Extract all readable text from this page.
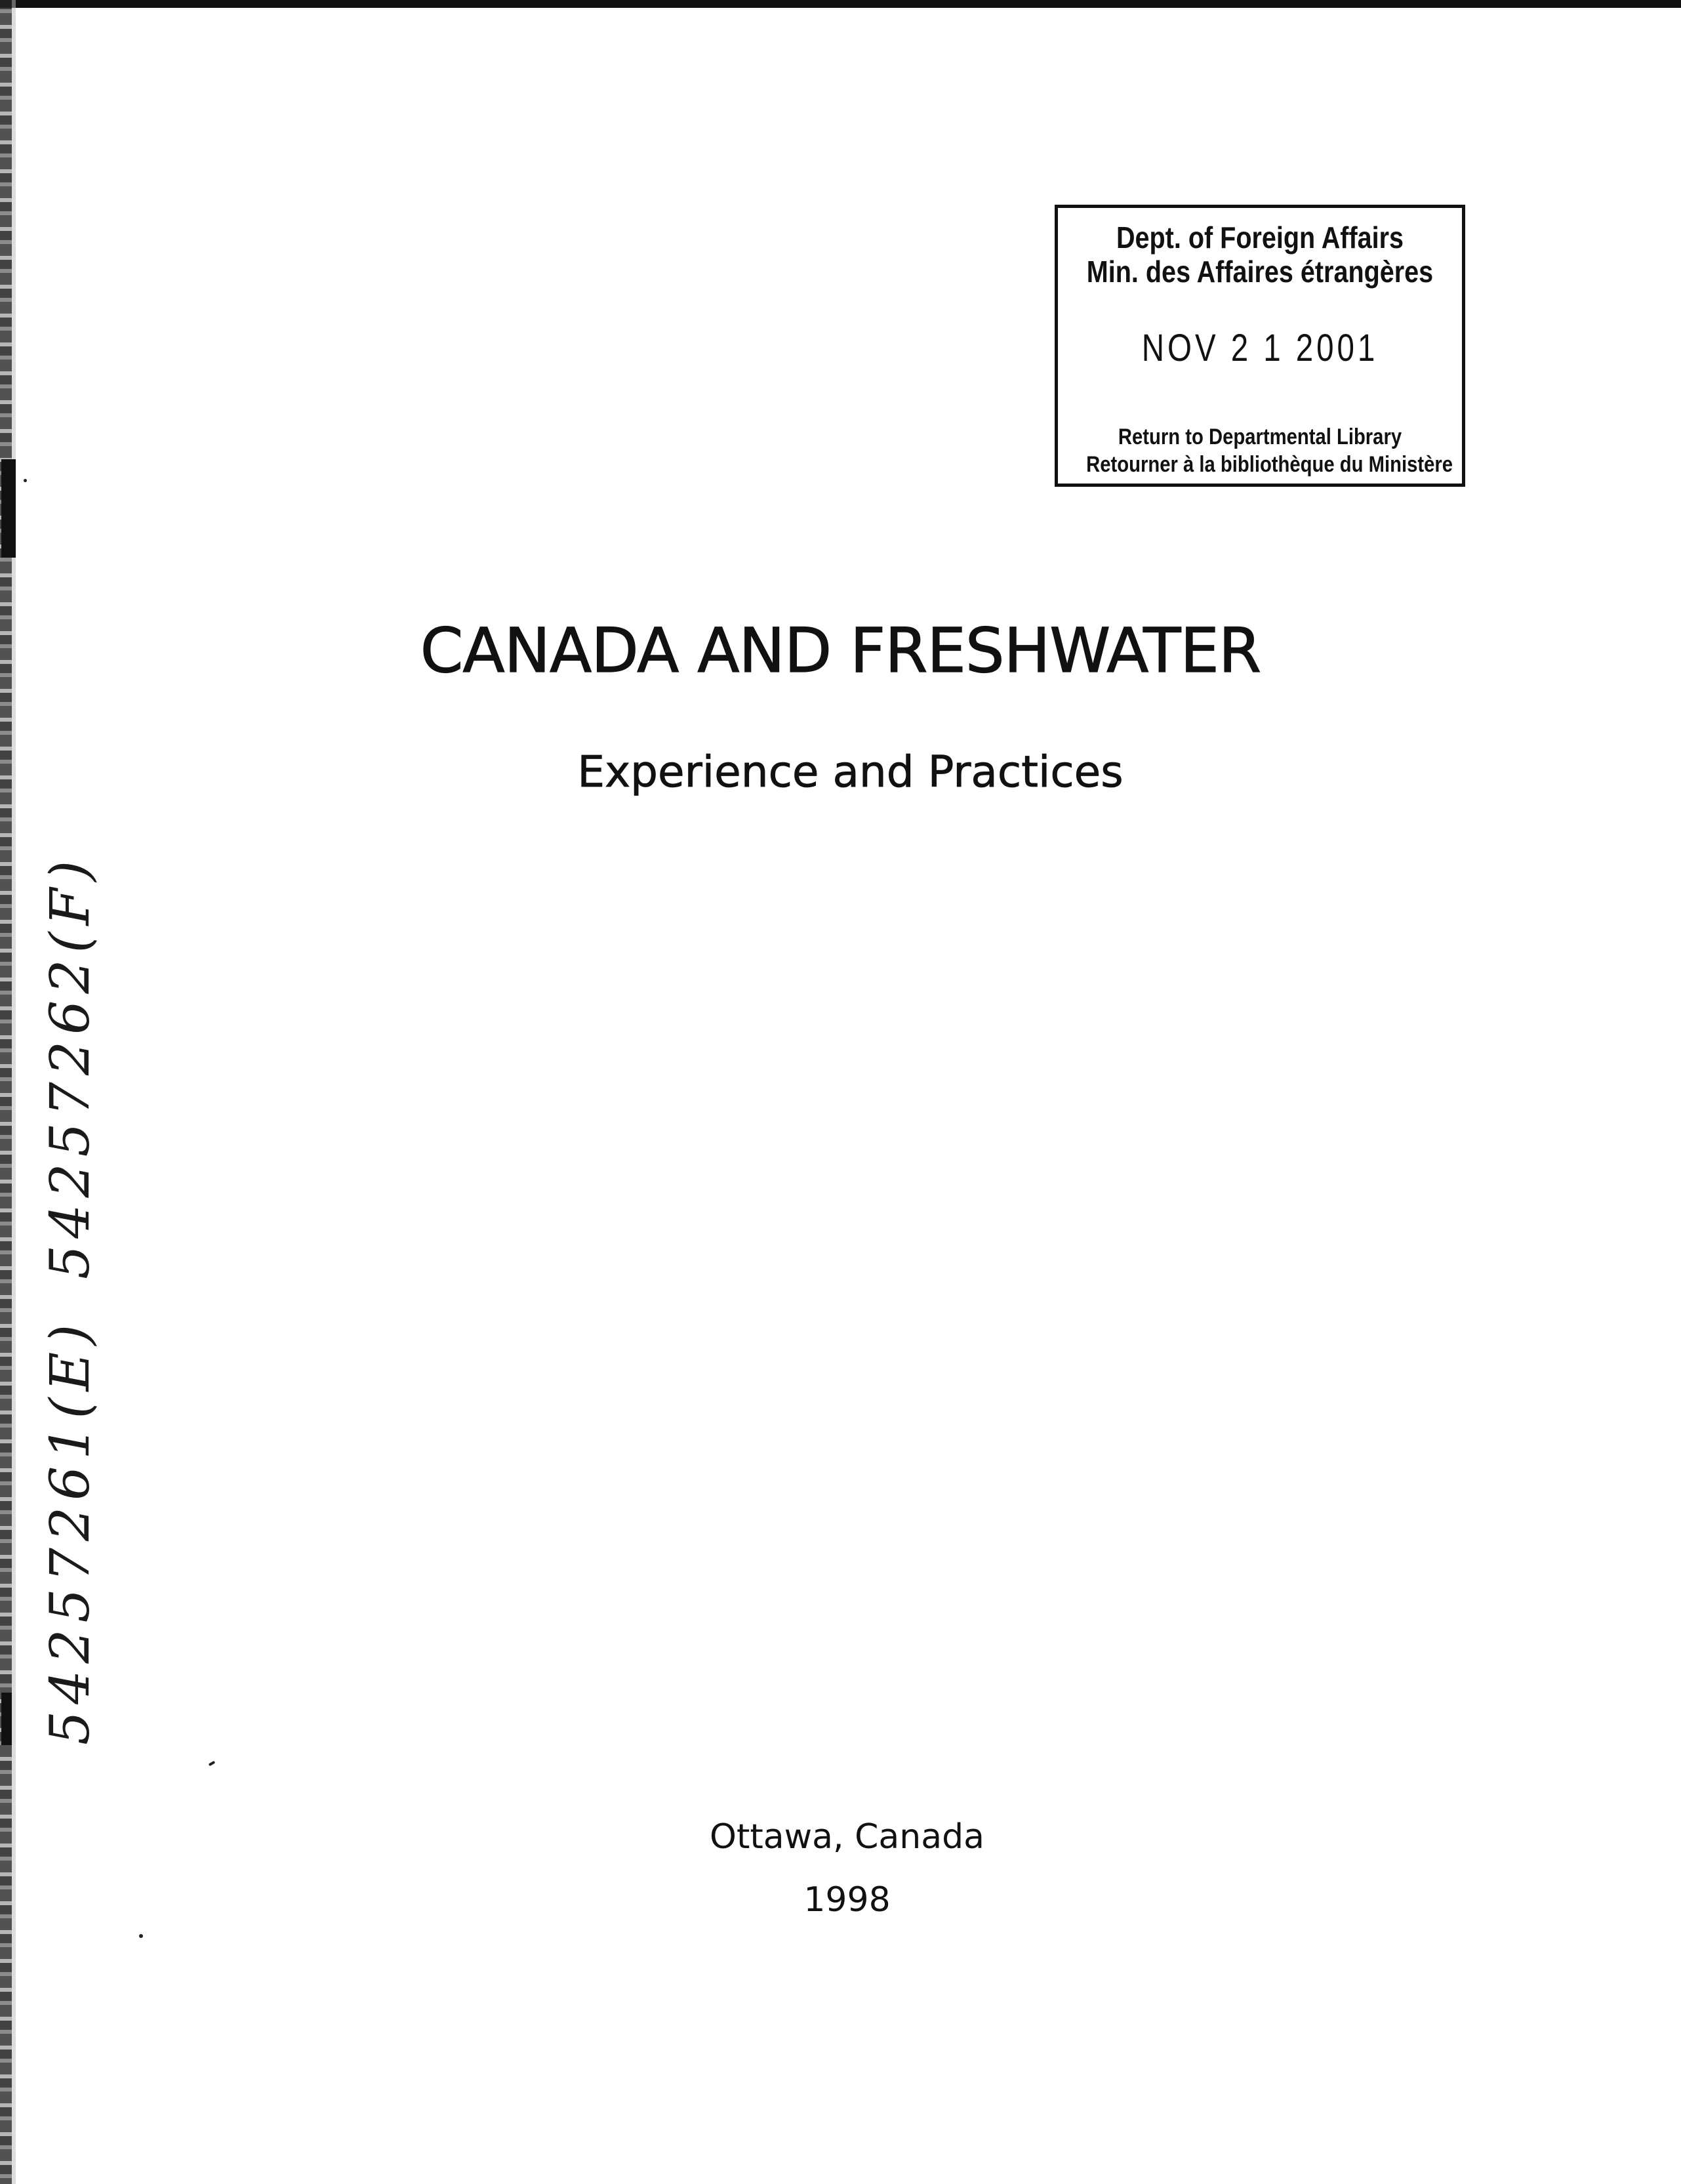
Dept. of Foreign Affairs
Min. des Affaires étrangères
NOV 2 1 2001
Return to Departmental Library
Retourner à la bibliothèque du Ministère
CANADA AND FRESHWATER
Experience and Practices
54257262(F)
54257261(E)
Ottawa, Canada
1998
